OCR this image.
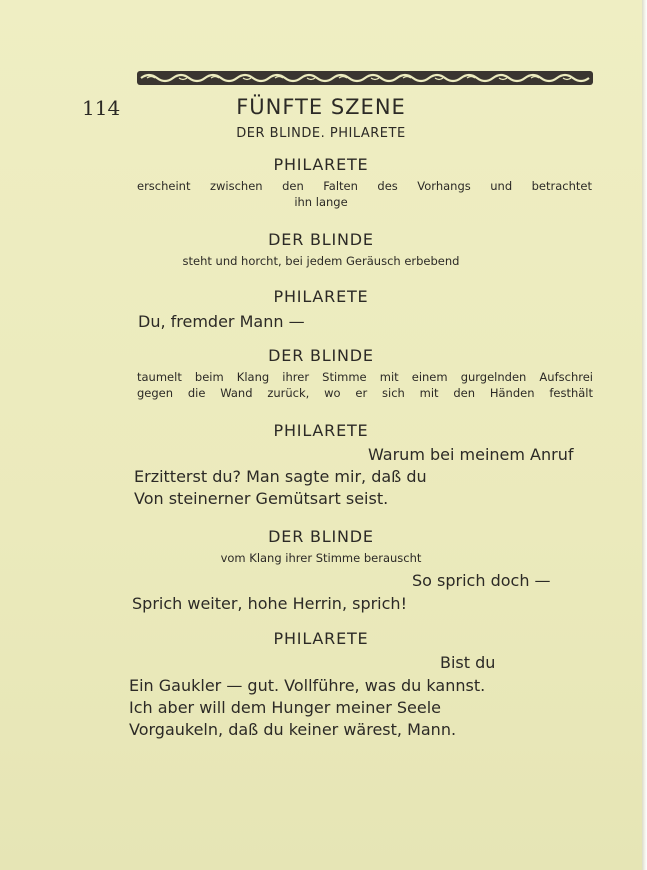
114	FÜNFTE SZENE
DER BLINDE. PHILARETE
PHILARETE
erscheint zwischen den Falten des Vorhangs und betrachtet
ihn lange
DER BLINDE
steht und horcht, bei jedem Geräusch erbebend
PHILARETE
Du, fremder Mann —
DER BLINDE
taumelt beim Klang ihrer Stimme mit einem gurgelnden Aufschrei
gegen die Wand zurück, wo er sich mit den Händen festhält
PHILARETE
Warum bei meinem Anruf
Erzitterst du? Man sagte mir, daß du
Von steinerner Gemütsart seist.
DER BLINDE
vom Klang ihrer Stimme berauscht
So sprich doch —
Sprich weiter, hohe Herrin, sprich!
PHILARETE
Bist du
Ein Gaukler — gut. Vollführe, was du kannst.
Ich aber will dem Hunger meiner Seele
Vorgaukeln, daß du keiner wärest, Mann.
